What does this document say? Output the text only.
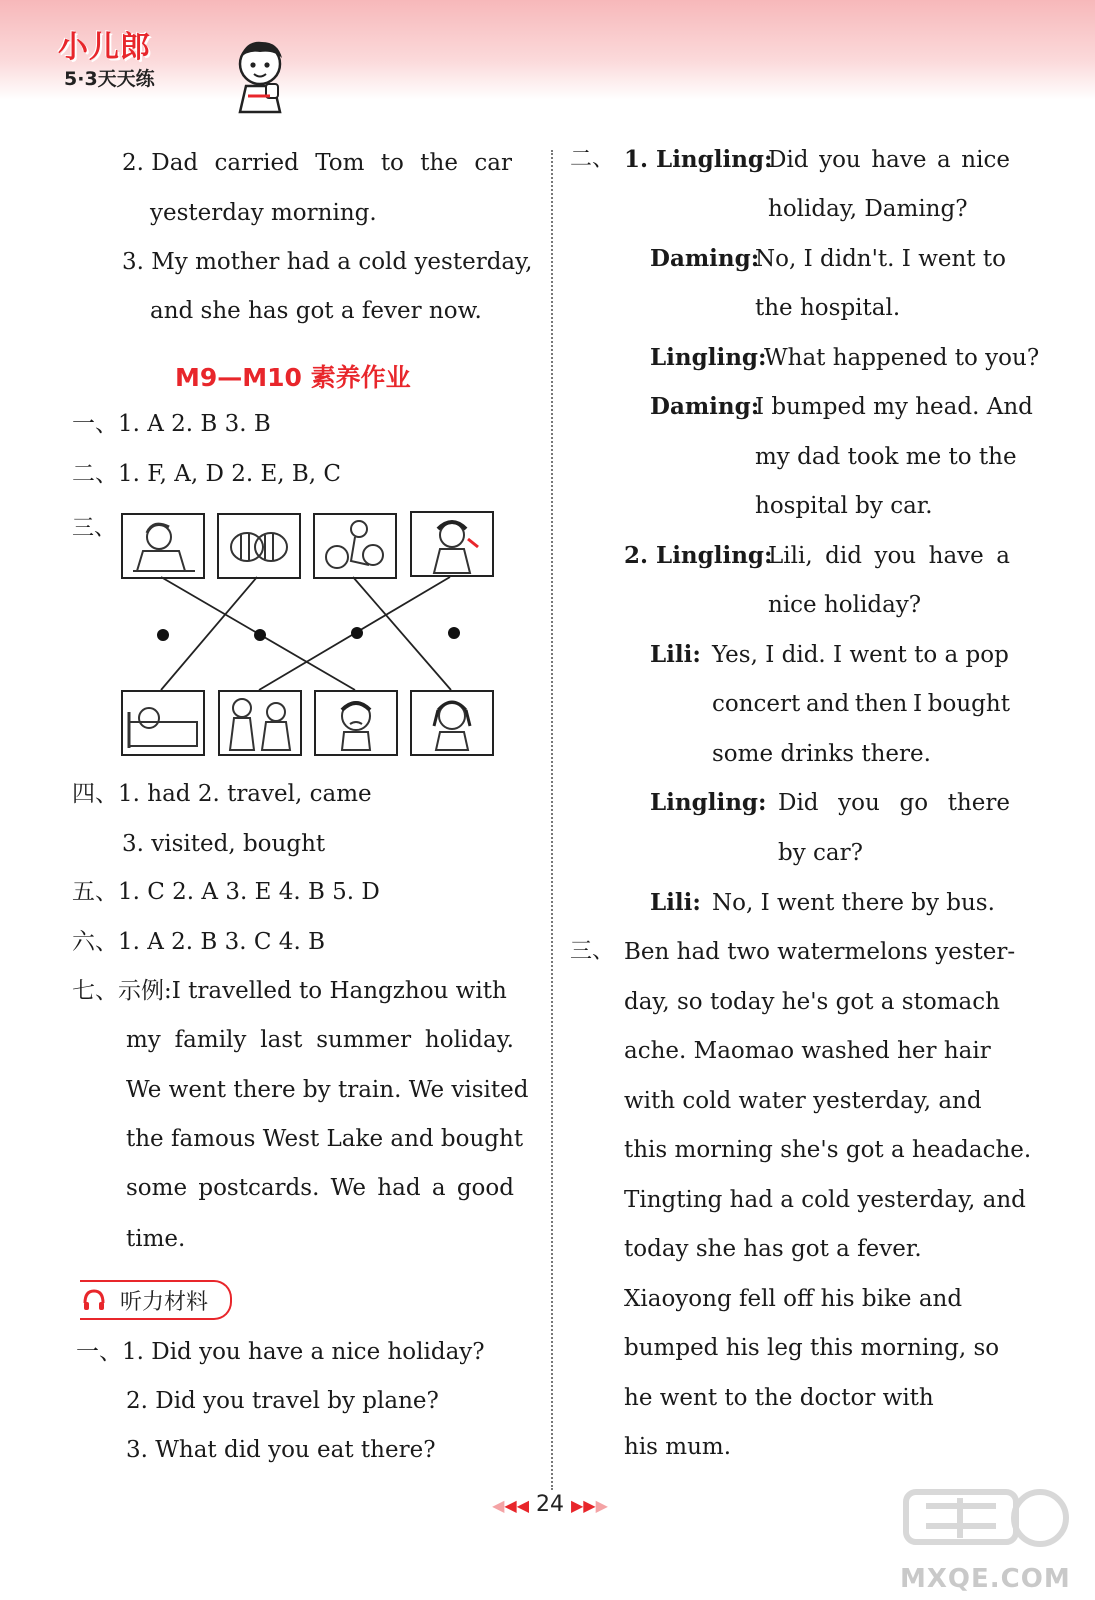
小儿郎
5·3天天练
2. Dad carried Tom to the car
yesterday morning.
3. My mother had a cold yesterday,
and she has got a fever now.
M9—M10 素养作业
一、1. A 2. B 3. B
二、1. F, A, D 2. E, B, C
三、
四、1. had 2. travel, came
3. visited, bought
五、1. C 2. A 3. E 4. B 5. D
六、1. A 2. B 3. C 4. B
七、示例:I travelled to Hangzhou with
my family last summer holiday.
We went there by train. We visited
the famous West Lake and bought
some postcards. We had a good
time.
听力材料
一、1. Did you have a nice holiday?
2. Did you travel by plane?
3. What did you eat there?
二、 1. Lingling:
Did you have a nice
holiday, Daming?
Daming:
No, I didn't. I went to
the hospital.
Lingling:
What happened to you?
Daming:
I bumped my head. And
my dad took me to the
hospital by car.
2. Lingling:
Lili, did you have a
nice holiday?
Lili: Yes, I did. I went to a pop
concert and then I bought
some drinks there.
Lingling: Did you go there
by car?
Lili: No, I went there by bus.
三、 Ben had two watermelons yester-
day, so today he's got a stomach
ache. Maomao washed her hair
with cold water yesterday, and
this morning she's got a headache.
Tingting had a cold yesterday, and
today she has got a fever.
Xiaoyong fell off his bike and
bumped his leg this morning, so
he went to the doctor with
his mum.
◀◀◀ 24 ▶▶▶
MXQE.COM
